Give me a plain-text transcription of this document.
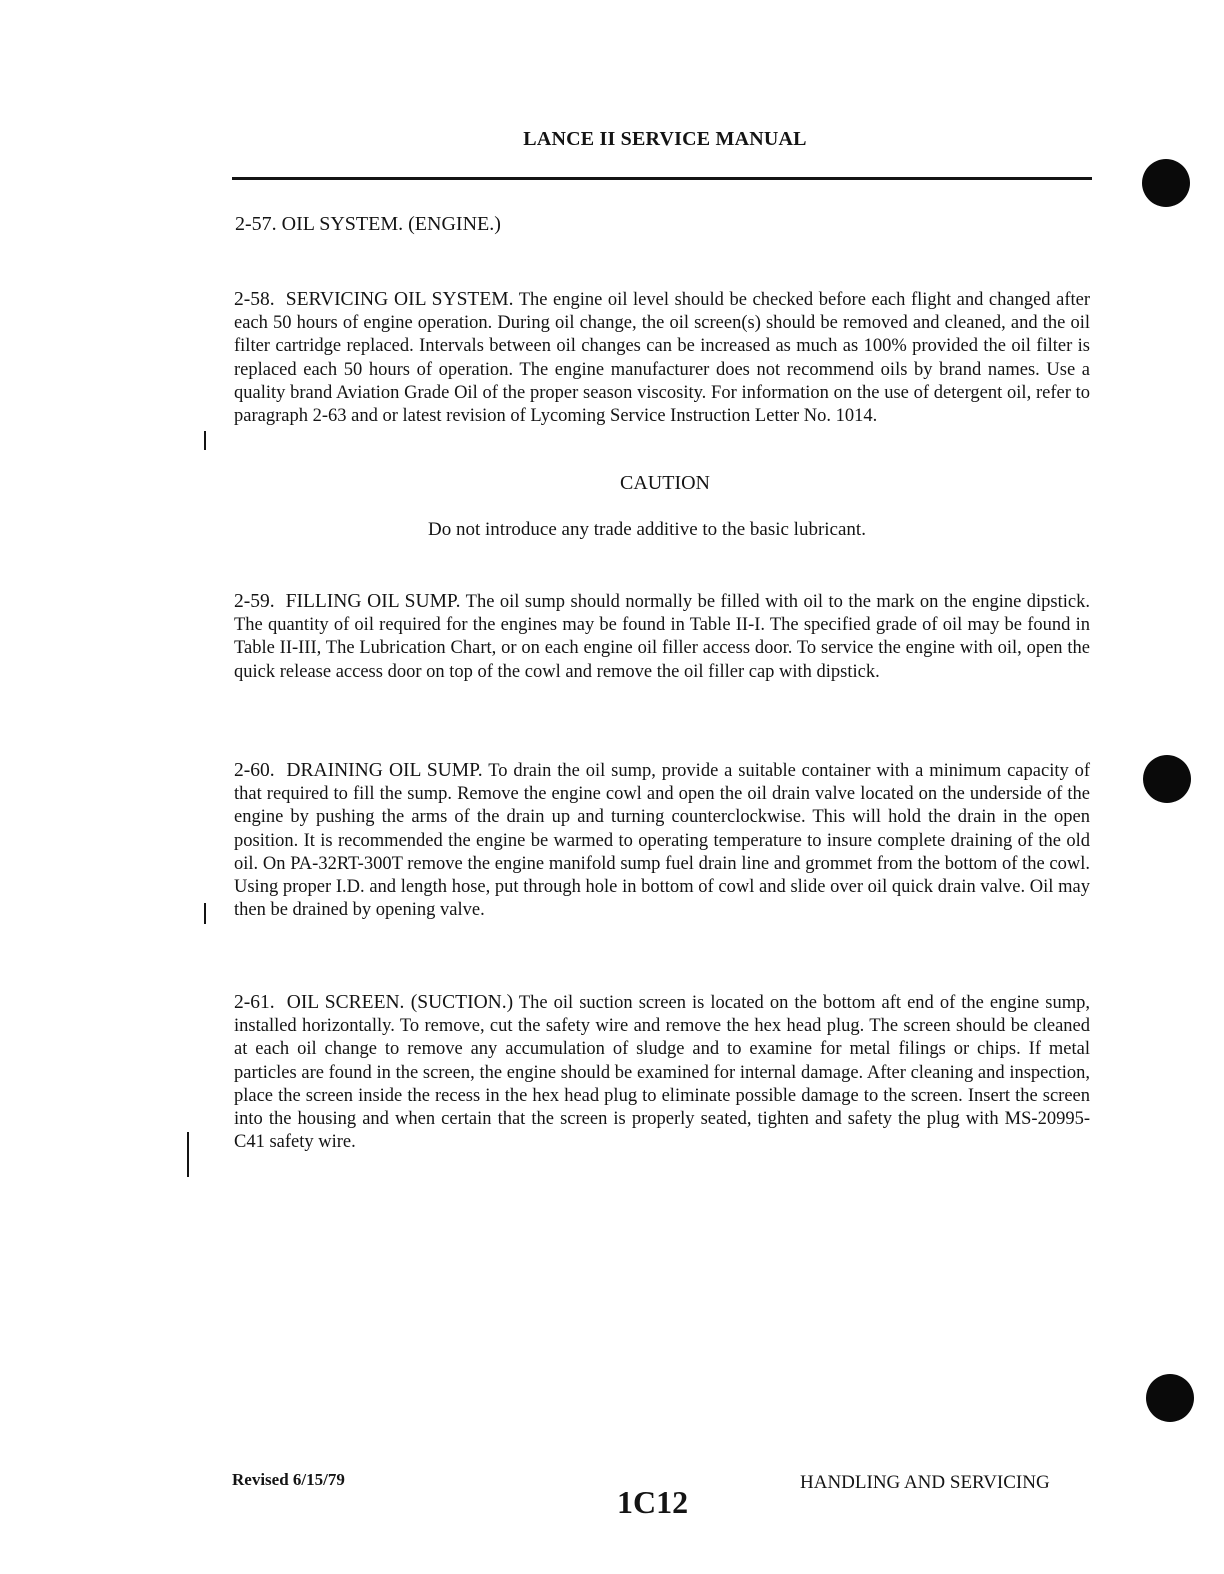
LANCE II SERVICE MANUAL
2-57. OIL SYSTEM. (ENGINE.)

2-58. SERVICING OIL SYSTEM. The engine oil level should be checked before each flight and changed after each 50 hours of engine operation. During oil change, the oil screen(s) should be removed and cleaned, and the oil filter cartridge replaced. Intervals between oil changes can be increased as much as 100% provided the oil filter is replaced each 50 hours of operation. The engine manufacturer does not recommend oils by brand names. Use a quality brand Aviation Grade Oil of the proper season viscosity. For information on the use of detergent oil, refer to paragraph 2-63 and or latest revision of Lycoming Service Instruction Letter No. 1014.

CAUTION
Do not introduce any trade additive to the basic lubricant.

2-59. FILLING OIL SUMP. The oil sump should normally be filled with oil to the mark on the engine dipstick. The quantity of oil required for the engines may be found in Table II-I. The specified grade of oil may be found in Table II-III, The Lubrication Chart, or on each engine oil filler access door. To service the engine with oil, open the quick release access door on top of the cowl and remove the oil filler cap with dipstick.

2-60. DRAINING OIL SUMP. To drain the oil sump, provide a suitable container with a minimum capacity of that required to fill the sump. Remove the engine cowl and open the oil drain valve located on the underside of the engine by pushing the arms of the drain up and turning counterclockwise. This will hold the drain in the open position. It is recommended the engine be warmed to operating temperature to insure complete draining of the old oil. On PA-32RT-300T remove the engine manifold sump fuel drain line and grommet from the bottom of the cowl. Using proper I.D. and length hose, put through hole in bottom of cowl and slide over oil quick drain valve. Oil may then be drained by opening valve.

2-61. OIL SCREEN. (SUCTION.) The oil suction screen is located on the bottom aft end of the engine sump, installed horizontally. To remove, cut the safety wire and remove the hex head plug. The screen should be cleaned at each oil change to remove any accumulation of sludge and to examine for metal filings or chips. If metal particles are found in the screen, the engine should be examined for internal damage. After cleaning and inspection, place the screen inside the recess in the hex head plug to eliminate possible damage to the screen. Insert the screen into the housing and when certain that the screen is properly seated, tighten and safety the plug with MS-20995-C41 safety wire.

Revised 6/15/79
1C12
HANDLING AND SERVICING
